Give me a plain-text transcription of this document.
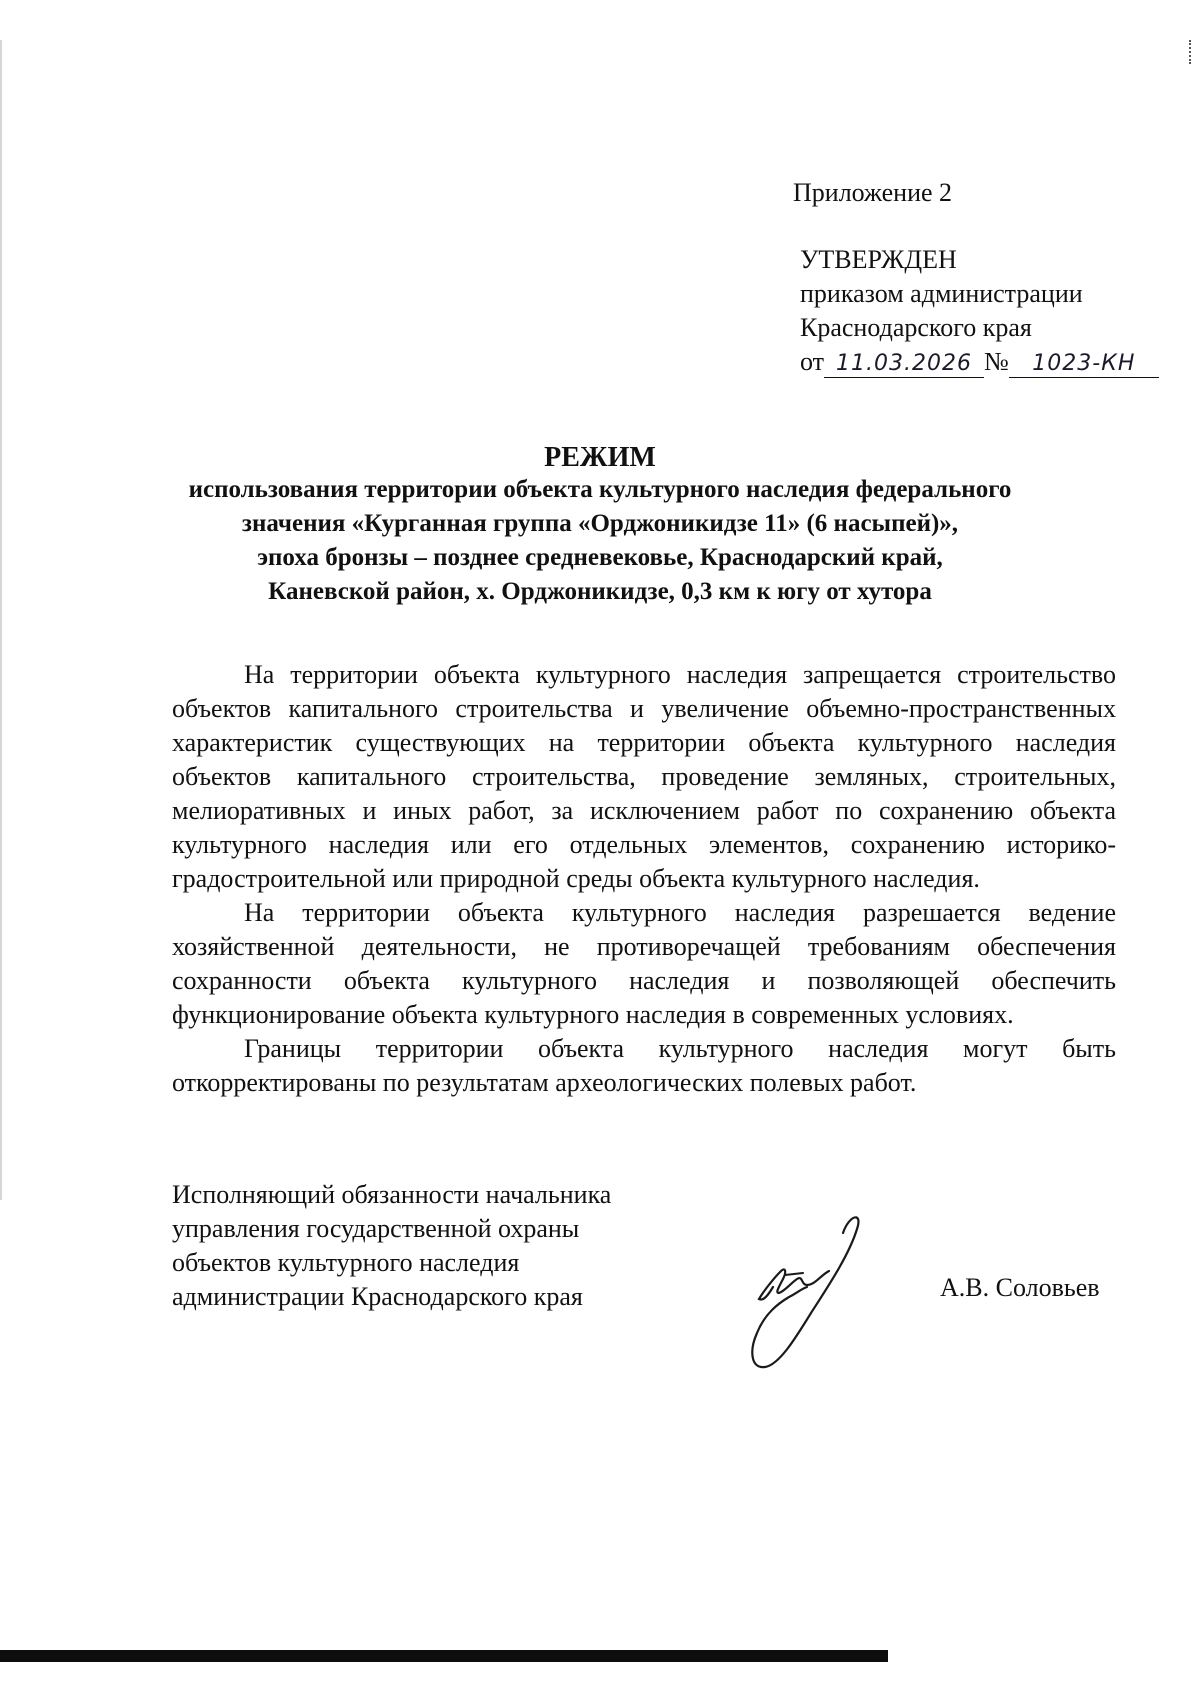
Приложение 2
УТВЕРЖДЕН
приказом администрации
Краснодарского края
от 11.03.2026 № 1023-КН
РЕЖИМ
использования территории объекта культурного наследия федерального
значения «Курганная группа «Орджоникидзе 11» (6 насыпей)»,
эпоха бронзы – позднее средневековье, Краснодарский край,
Каневской район, х. Орджоникидзе, 0,3 км к югу от хутора

На территории объекта культурного наследия запрещается строительство объектов капитального строительства и увеличение объемно-пространственных характеристик существующих на территории объекта культурного наследия объектов капитального строительства, проведение земляных, строительных, мелиоративных и иных работ, за исключением работ по сохранению объекта культурного наследия или его отдельных элементов, сохранению историко-градостроительной или природной среды объекта культурного наследия.

На территории объекта культурного наследия разрешается ведение хозяйственной деятельности, не противоречащей требованиям обеспечения сохранности объекта культурного наследия и позволяющей обеспечить функционирование объекта культурного наследия в современных условиях.

Границы территории объекта культурного наследия могут быть откорректированы по результатам археологических полевых работ.

Исполняющий обязанности начальника
управления государственной охраны
объектов культурного наследия
администрации Краснодарского края	А.В. Соловьев
